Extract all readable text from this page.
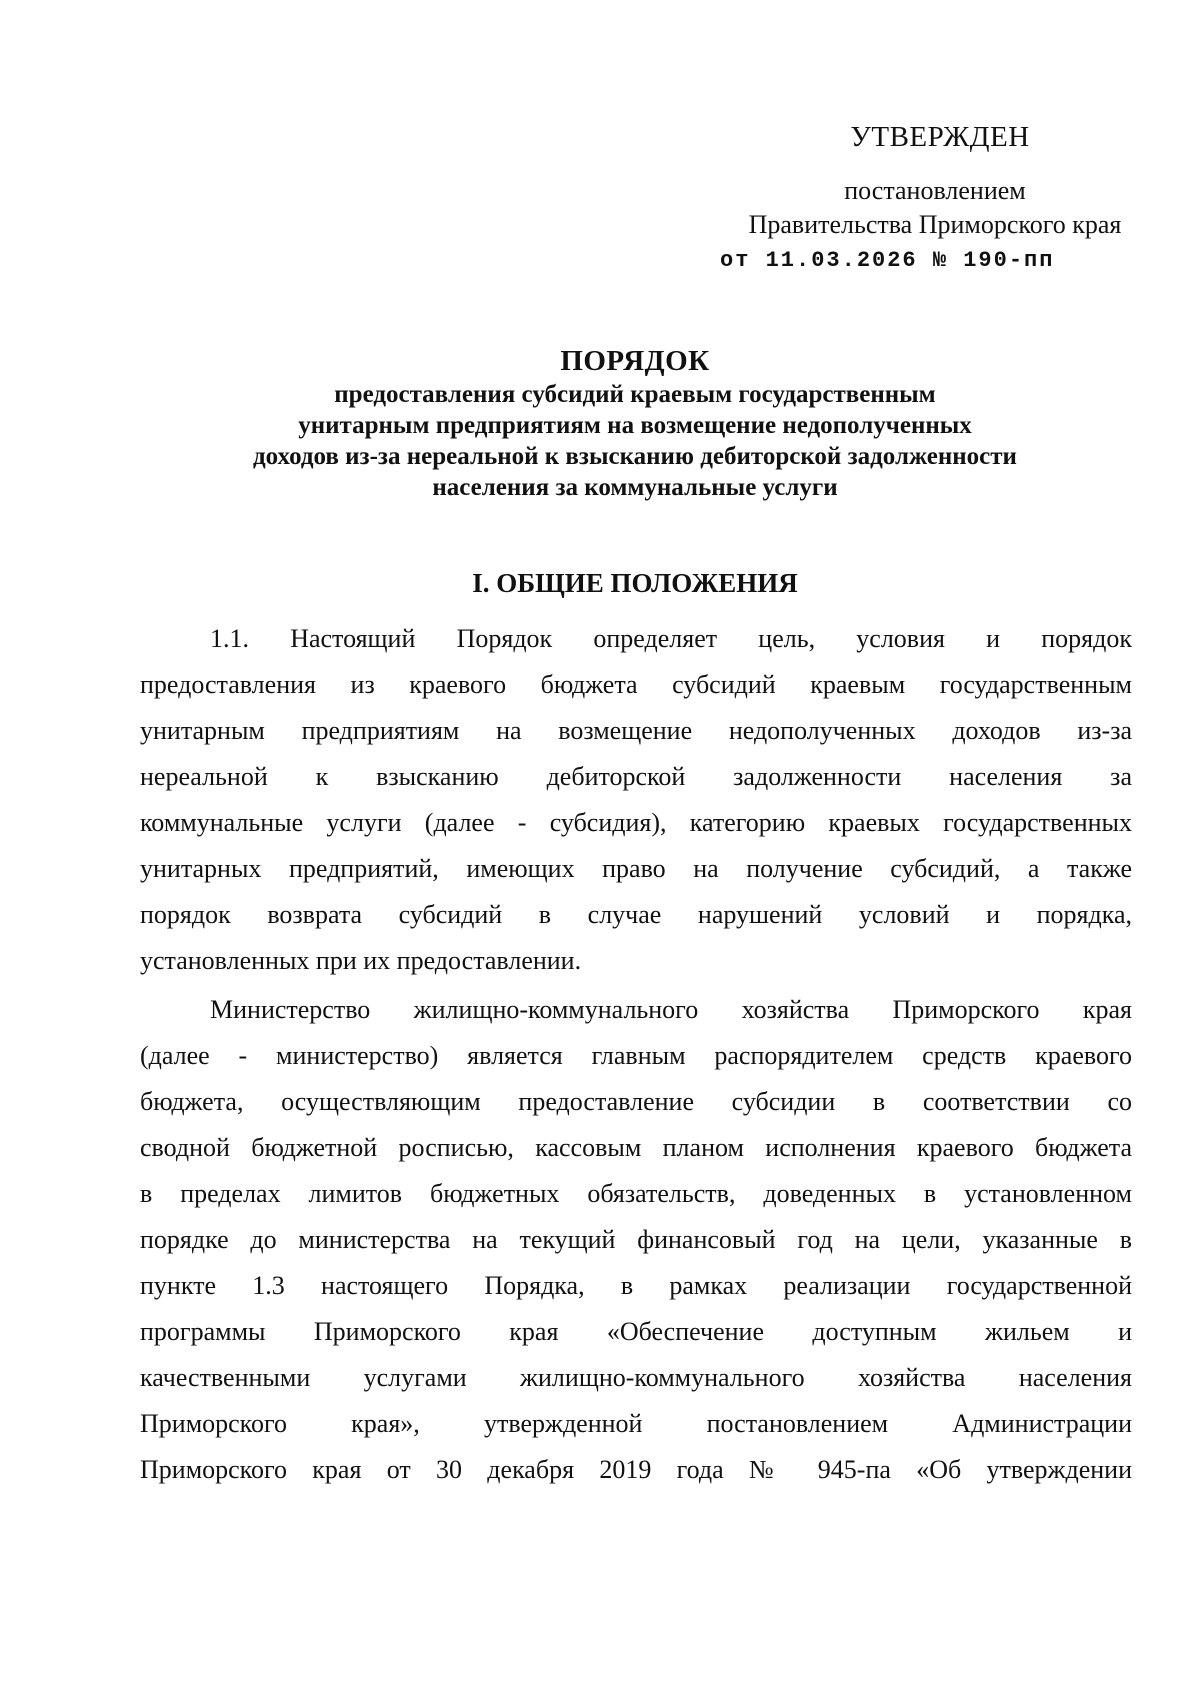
УТВЕРЖДЕН
постановлением
Правительства Приморского края
от 11.03.2026 № 190-пп
ПОРЯДОК
предоставления субсидий краевым государственным
унитарным предприятиям на возмещение недополученных
доходов из-за нереальной к взысканию дебиторской задолженности
населения за коммунальные услуги
I. ОБЩИЕ ПОЛОЖЕНИЯ
1.1. Настоящий Порядок определяет цель, условия и порядок
предоставления из краевого бюджета субсидий краевым государственным
унитарным предприятиям на возмещение недополученных доходов из-за
нереальной к взысканию дебиторской задолженности населения за
коммунальные услуги (далее - субсидия), категорию краевых государственных
унитарных предприятий, имеющих право на получение субсидий, а также
порядок возврата субсидий в случае нарушений условий и порядка,
установленных при их предоставлении.
Министерство жилищно-коммунального хозяйства Приморского края
(далее - министерство) является главным распорядителем средств краевого
бюджета, осуществляющим предоставление субсидии в соответствии со
сводной бюджетной росписью, кассовым планом исполнения краевого бюджета
в пределах лимитов бюджетных обязательств, доведенных в установленном
порядке до министерства на текущий финансовый год на цели, указанные в
пункте 1.3 настоящего Порядка, в рамках реализации государственной
программы Приморского края «Обеспечение доступным жильем и
качественными услугами жилищно-коммунального хозяйства населения
Приморского края», утвержденной постановлением Администрации
Приморского края от 30 декабря 2019 года № 945-па «Об утверждении
